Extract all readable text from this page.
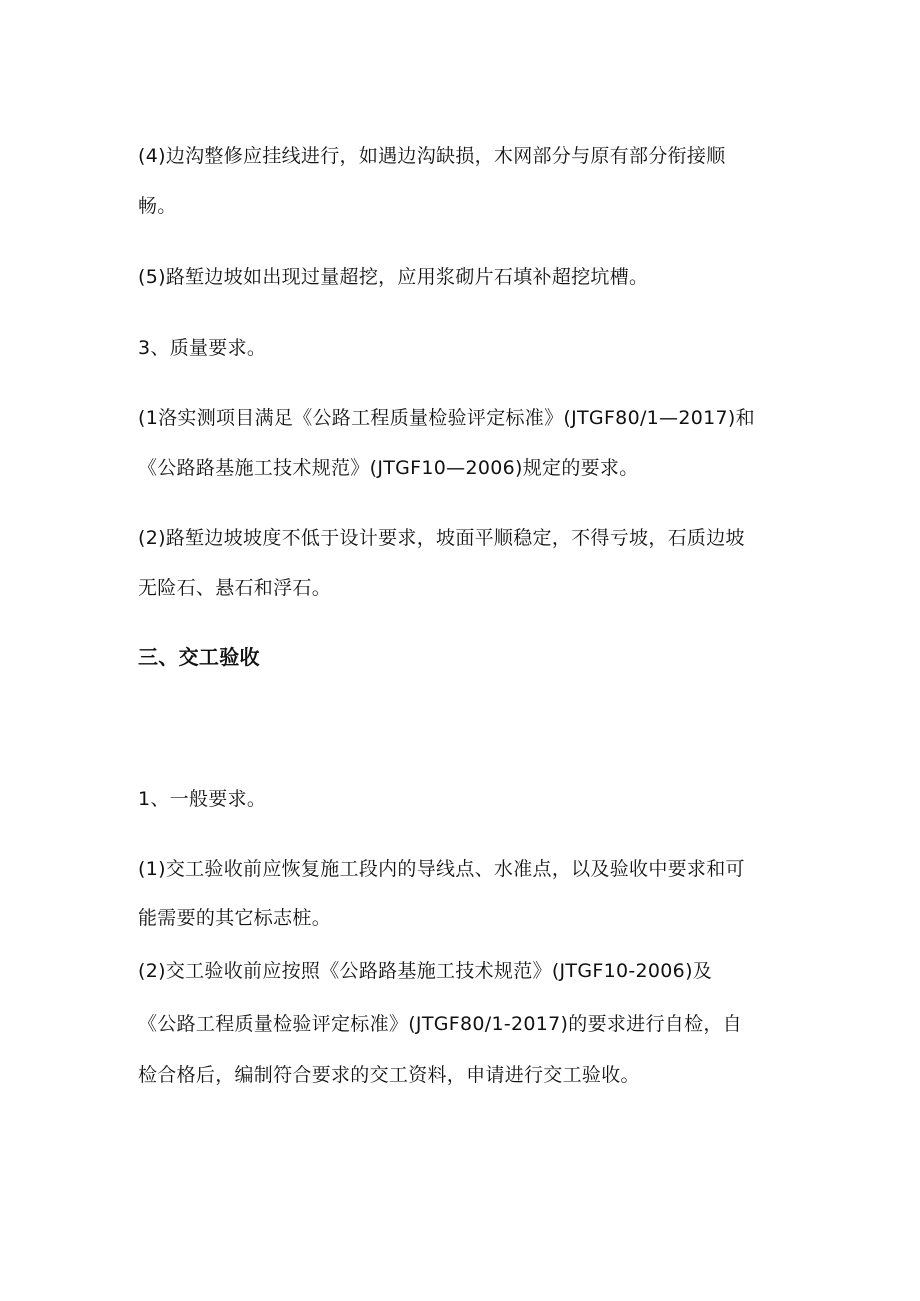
(4)边沟整修应挂线进行，如遇边沟缺损，木网部分与原有部分衔接顺
畅。
(5)路堑边坡如出现过量超挖，应用浆砌片石填补超挖坑槽。
3、质量要求。
(1洛实测项目满足《公路工程质量检验评定标准》(JTGF80/1—2017)和
《公路路基施工技术规范》(JTGF10—2006)规定的要求。
(2)路堑边坡坡度不低于设计要求，坡面平顺稳定，不得亏坡，石质边坡
无险石、悬石和浮石。
三、交工验收
1、一般要求。
(1)交工验收前应恢复施工段内的导线点、水准点，以及验收中要求和可
能需要的其它标志桩。
(2)交工验收前应按照《公路路基施工技术规范》(JTGF10-2006)及
《公路工程质量检验评定标准》(JTGF80/1-2017)的要求进行自检，自
检合格后，编制符合要求的交工资料，申请进行交工验收。
